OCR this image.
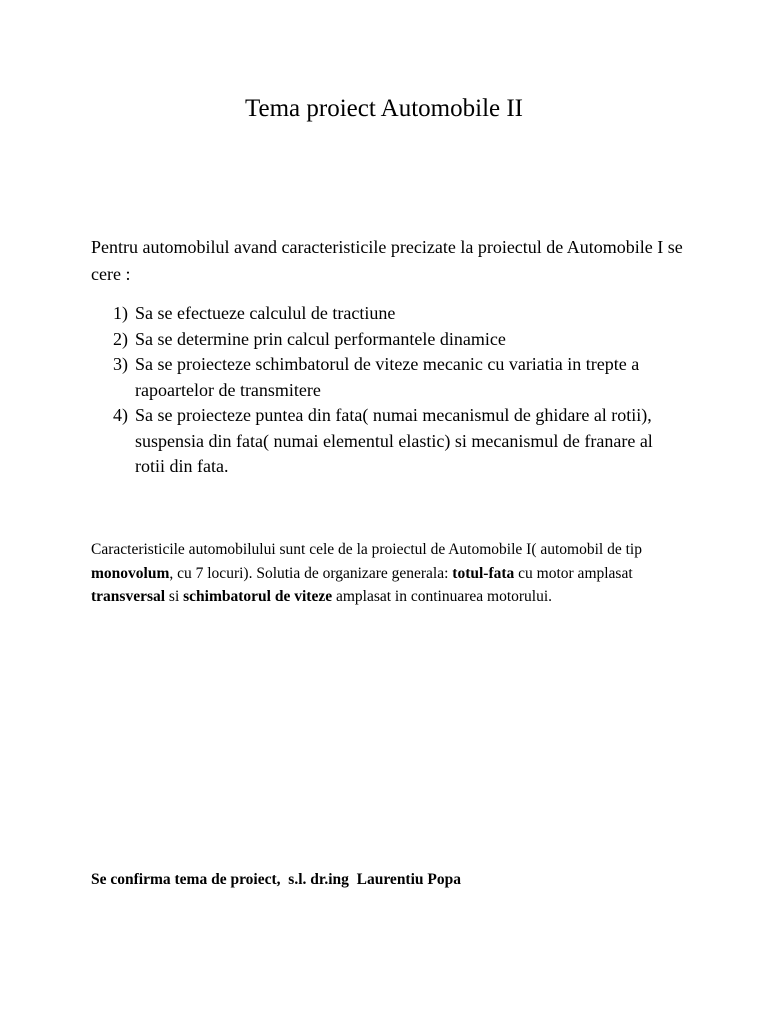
Tema proiect Automobile II
Pentru automobilul avand caracteristicile precizate la proiectul de Automobile I se cere :
1) Sa se efectueze calculul de tractiune
2) Sa se determine prin calcul performantele dinamice
3) Sa se proiecteze schimbatorul de viteze mecanic cu variatia in trepte a rapoartelor de transmitere
4) Sa se proiecteze puntea din fata( numai mecanismul de ghidare al rotii), suspensia din fata( numai elementul elastic) si mecanismul de franare al rotii din fata.
Caracteristicile automobilului sunt cele de la proiectul de Automobile I( automobil de tip monovolum, cu 7 locuri). Solutia de organizare generala: totul-fata cu motor amplasat transversal si schimbatorul de viteze amplasat in continuarea motorului.
Se confirma tema de proiect,  s.l. dr.ing  Laurentiu Popa
